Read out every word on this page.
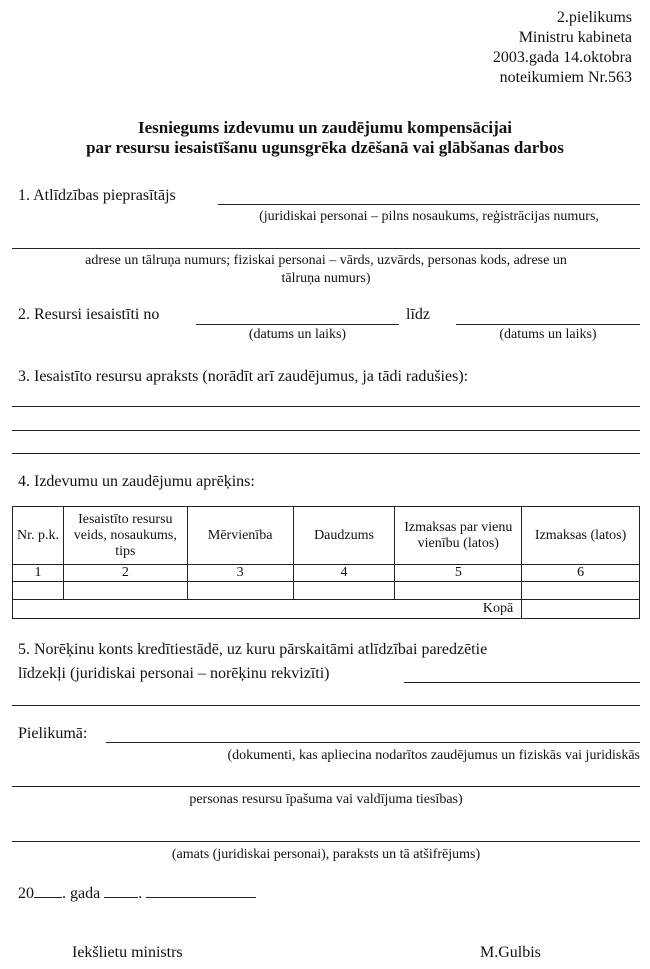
2.pielikums
Ministru kabineta
2003.gada 14.oktobra
noteikumiem Nr.563
Iesniegums izdevumu un zaudējumu kompensācijai
par resursu iesaistīšanu ugunsgrēka dzēšanā vai glābšanas darbos
1. Atlīdzības pieprasītājs
(juridiskai personai – pilns nosaukums, reģistrācijas numurs,
adrese un tālruņa numurs; fiziskai personai – vārds, uzvārds, personas kods, adrese un
tālruņa numurs)
2. Resursi iesaistīti no
(datums un laiks)
līdz
(datums un laiks)
3. Iesaistīto resursu apraksts (norādīt arī zaudējumus, ja tādi radušies):
4. Izdevumu un zaudējumu aprēķins:
Nr. p.k.	Iesaistīto resursu veids, nosaukums, tips	Mērvienība	Daudzums	Izmaksas par vienu vienību (latos)	Izmaksas (latos)
1	2	3	4	5	6

Kopā					
5. Norēķinu konts kredītiestādē, uz kuru pārskaitāmi atlīdzībai paredzētie
līdzekļi (juridiskai personai – norēķinu rekvizīti)
Pielikumā:
(dokumenti, kas apliecina nodarītos zaudējumus un fiziskās vai juridiskās
personas resursu īpašuma vai valdījuma tiesības)
(amats (juridiskai personai), paraksts un tā atšifrējums)
20 . gada .
Iekšlietu ministrs	M.Gulbis
